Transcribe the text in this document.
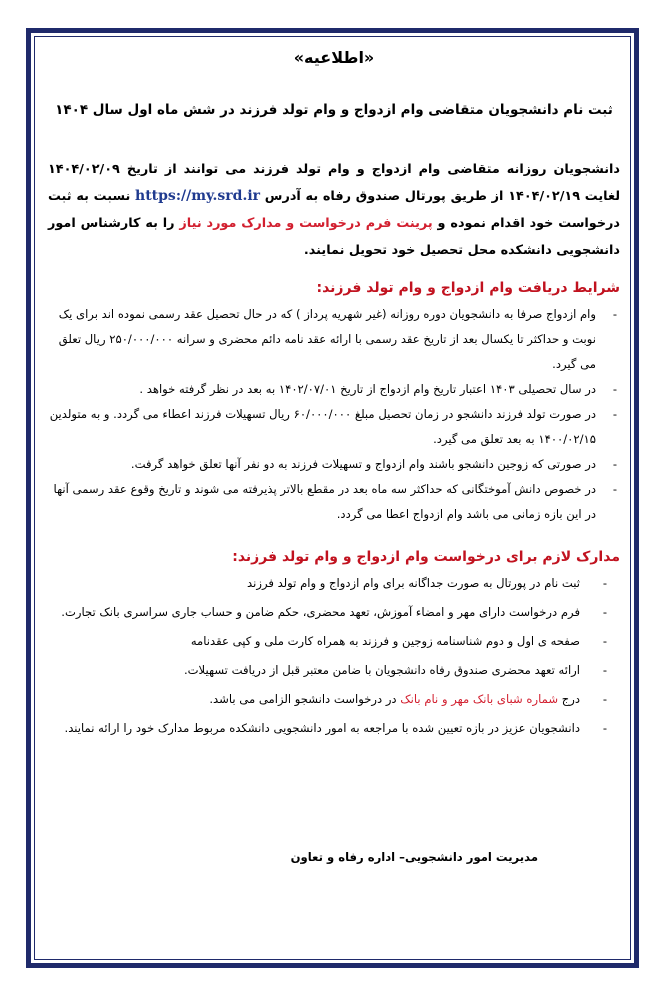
«اطلاعیه»
ثبت نام دانشجویان متقاضی وام ازدواج و وام تولد فرزند در شش ماه اول سال ۱۴۰۴

دانشجویان روزانه متقاضی وام ازدواج و وام تولد فرزند می توانند از تاریخ ۱۴۰۴/۰۲/۰۹ لغایت ۱۴۰۴/۰۲/۱۹ از طریق پورتال صندوق رفاه به آدرس https://my.srd.ir نسبت به ثبت درخواست خود اقدام نموده و پرینت فرم درخواست و مدارک مورد نیاز را به کارشناس امور دانشجویی دانشکده محل تحصیل خود تحویل نمایند.

شرایط دریافت وام ازدواج و وام تولد فرزند:
- وام ازدواج صرفا به دانشجویان دوره روزانه (غیر شهریه پرداز ) که در حال تحصیل عقد رسمی نموده اند برای یک نوبت و حداکثر تا یکسال بعد از تاریخ عقد رسمی با ارائه عقد نامه دائم محضری و سرانه ۲۵۰/۰۰۰/۰۰۰ ریال تعلق می گیرد.
- در سال تحصیلی ۱۴۰۳ اعتبار تاریخ وام ازدواج از تاریخ ۱۴۰۲/۰۷/۰۱ به بعد در نظر گرفته خواهد .
- در صورت تولد فرزند دانشجو در زمان تحصیل مبلغ ۶۰/۰۰۰/۰۰۰ ریال تسهیلات فرزند اعطاء می گردد. و به متولدین ۱۴۰۰/۰۲/۱۵ به بعد تعلق می گیرد.
- در صورتی که زوجین دانشجو باشند وام ازدواج و تسهیلات فرزند به دو نفر آنها تعلق خواهد گرفت.
- در خصوص دانش آموختگانی که حداکثر سه ماه بعد در مقطع بالاتر پذیرفته می شوند و تاریخ وقوع عقد رسمی آنها در این بازه زمانی می باشد وام ازدواج اعطا می گردد.
مدارک لازم برای درخواست وام ازدواج و وام تولد فرزند:
- ثبت نام در پورتال به صورت جداگانه برای وام ازدواج و وام تولد فرزند
- فرم درخواست دارای مهر و امضاء آموزش، تعهد محضری، حکم ضامن و حساب جاری سراسری بانک تجارت.
- صفحه ی اول و دوم شناسنامه زوجین و فرزند به همراه کارت ملی و کپی عقدنامه
- ارائه تعهد محضری صندوق رفاه دانشجویان با ضامن معتبر قبل از دریافت تسهیلات.
- درج شماره شبای بانک مهر و نام بانک در درخواست دانشجو الزامی می باشد.
- دانشجویان عزیز در بازه تعیین شده با مراجعه به امور دانشجویی دانشکده مربوط مدارک خود را ارائه نمایند.
مدیریت امور دانشجویی– اداره رفاه و تعاون
